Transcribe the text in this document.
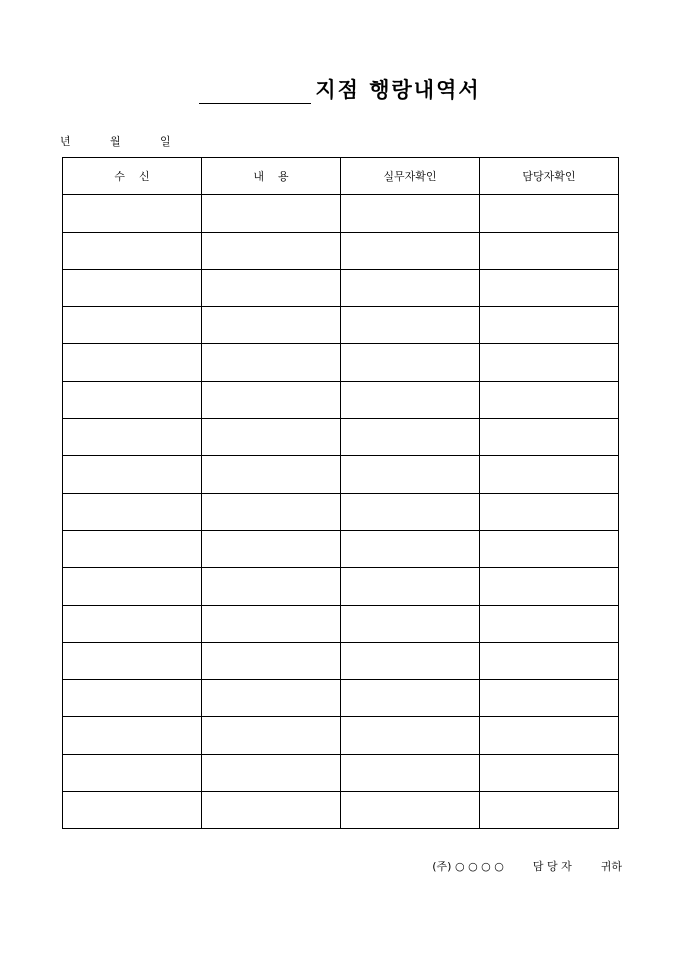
지점 행랑내역서
년	월	일
수    신	내    용	실무자확인	담당자확인

(주) ○ ○ ○ ○	담 당 자	귀하
